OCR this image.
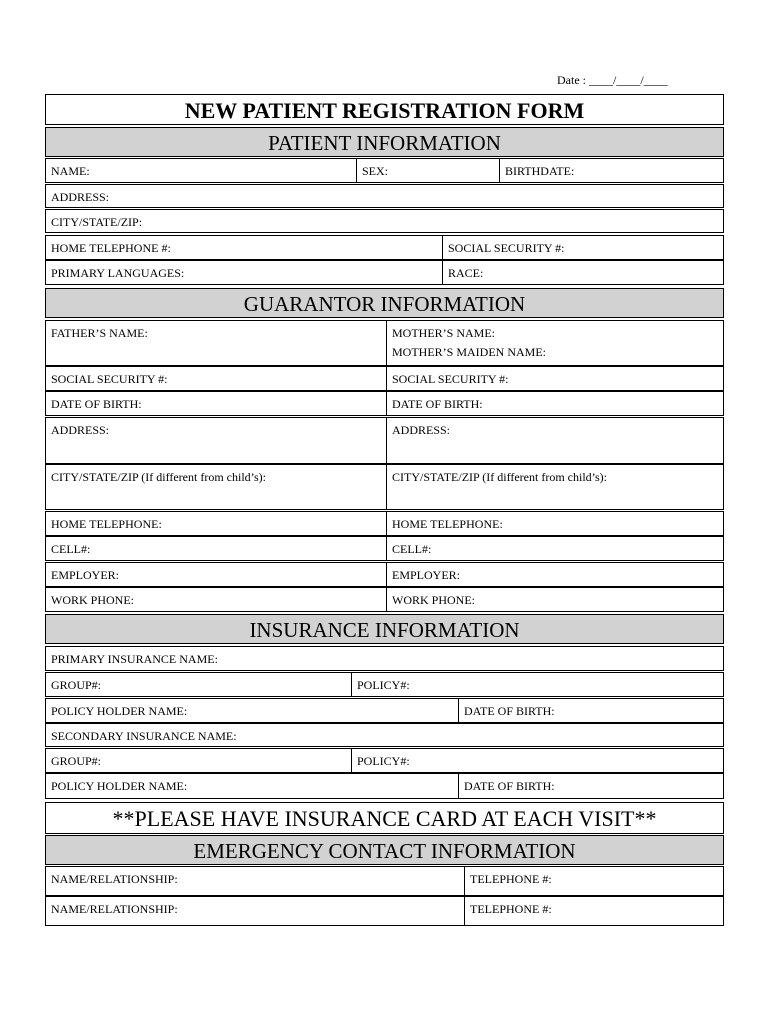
Date : ____/____/____
NEW PATIENT REGISTRATION FORM
PATIENT INFORMATION
NAME:	SEX:	BIRTHDATE:
ADDRESS:
CITY/STATE/ZIP:
HOME TELEPHONE #:	SOCIAL SECURITY #:
PRIMARY LANGUAGES:	RACE:
GUARANTOR INFORMATION
FATHER’S NAME:	MOTHER’S NAME:
MOTHER’S MAIDEN NAME:
SOCIAL SECURITY #:	SOCIAL SECURITY #:
DATE OF BIRTH:	DATE OF BIRTH:
ADDRESS:	ADDRESS:
CITY/STATE/ZIP (If different from child’s):	CITY/STATE/ZIP (If different from child’s):
HOME TELEPHONE:	HOME TELEPHONE:
CELL#:	CELL#:
EMPLOYER:	EMPLOYER:
WORK PHONE:	WORK PHONE:
INSURANCE INFORMATION
PRIMARY INSURANCE NAME:
GROUP#:	POLICY#:
POLICY HOLDER NAME:	DATE OF BIRTH:
SECONDARY INSURANCE NAME:
GROUP#:	POLICY#:
POLICY HOLDER NAME:	DATE OF BIRTH:
**PLEASE HAVE INSURANCE CARD AT EACH VISIT**
EMERGENCY CONTACT INFORMATION
NAME/RELATIONSHIP:	TELEPHONE #:
NAME/RELATIONSHIP:	TELEPHONE #:
